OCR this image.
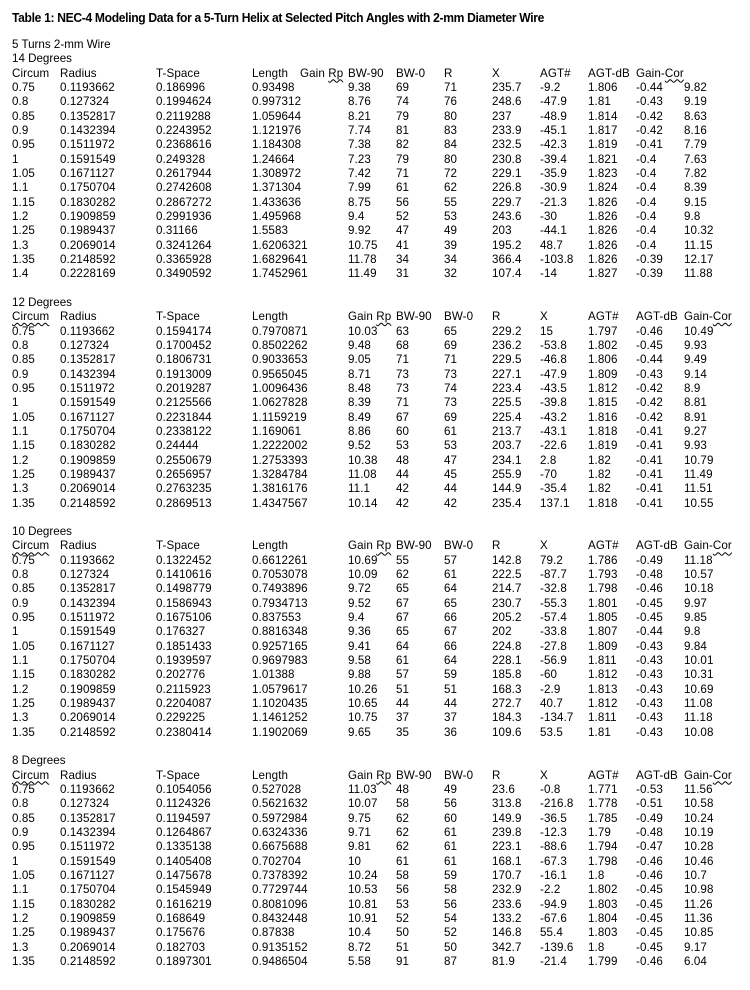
Table 1: NEC-4 Modeling Data for a 5-Turn Helix at Selected Pitch Angles with 2-mm Diameter Wire
5 Turns 2-mm Wire
14 Degrees
Circum Radius	T-Space	Length Gain Rp BW-90 BW-0 R	X	AGT# AGT-dB Gain-Cor
0.75 0.1193662	0.186996	0.93498	9.38 69	71	235.7 -9.2 1.806 -0.44 9.82
0.8	0.127324	0.1994624	0.997312	8.76 74	76	248.6 -47.9 1.81 -0.43 9.19
0.85 0.1352817	0.2119288	1.059644	8.21 79	80	237 -48.9 1.814 -0.42 8.63
0.9	0.1432394	0.2243952	1.121976	7.74 81	83	233.9 -45.1 1.817 -0.42 8.16
0.95 0.1511972	0.2368616	1.184308	7.38 82	84	232.5 -42.3 1.819 -0.41 7.79
1	0.1591549	0.249328	1.24664	7.23 79	80	230.8 -39.4 1.821 -0.4 7.63
1.05 0.1671127	0.2617944	1.308972	7.42 71	72	229.1 -35.9 1.823 -0.4 7.82
1.1	0.1750704	0.2742608	1.371304	7.99 61	62	226.8 -30.9 1.824 -0.4 8.39
1.15 0.1830282	0.2867272	1.433636	8.75 56	55	229.7 -21.3 1.826 -0.4 9.15
1.2	0.1909859	0.2991936	1.495968	9.4	52	53	243.6 -30	1.826 -0.4 9.8
1.25 0.1989437	0.31166	1.5583	9.92 47	49	203 -44.1 1.826 -0.4 10.32
1.3	0.2069014	0.3241264	1.6206321	10.75 41	39	195.2 48.7 1.826 -0.4 11.15
1.35 0.2148592	0.3365928	1.6829641	11.78 34	34	366.4 -103.8 1.826 -0.39 12.17
1.4	0.2228169	0.3490592	1.7452961	11.49 31	32	107.4 -14	1.827 -0.39 11.88
12 Degrees
Circum Radius	T-Space	Length	Gain Rp BW-90 BW-0 R	X	AGT# AGT-dB Gain-Cor
0.75 0.1193662	0.1594174	0.7970871	10.03 63	65	229.2 15	1.797 -0.46 10.49
0.8	0.127324	0.1700452	0.8502262	9.48 68	69	236.2 -53.8 1.802 -0.45 9.93
0.85 0.1352817	0.1806731	0.9033653	9.05 71	71	229.5 -46.8 1.806 -0.44 9.49
0.9	0.1432394	0.1913009	0.9565045	8.71 73	73	227.1 -47.9 1.809 -0.43 9.14
0.95 0.1511972	0.2019287	1.0096436	8.48 73	74	223.4 -43.5 1.812 -0.42 8.9
1	0.1591549	0.2125566	1.0627828	8.39 71	73	225.5 -39.8 1.815 -0.42 8.81
1.05 0.1671127	0.2231844	1.1159219	8.49 67	69	225.4 -43.2 1.816 -0.42 8.91
1.1	0.1750704	0.2338122	1.169061	8.86 60	61	213.7 -43.1 1.818 -0.41 9.27
1.15 0.1830282	0.24444	1.2222002	9.52 53	53	203.7 -22.6 1.819 -0.41 9.93
1.2	0.1909859	0.2550679	1.2753393	10.38 48	47	234.1 2.8	1.82 -0.41 10.79
1.25 0.1989437	0.2656957	1.3284784	11.08 44	45	255.9 -70	1.82 -0.41 11.49
1.3	0.2069014	0.2763235	1.3816176	11.1 42	44	144.9 -35.4 1.82 -0.41 11.51
1.35 0.2148592	0.2869513	1.4347567	10.14 42	42	235.4 137.1 1.818 -0.41 10.55
10 Degrees
Circum Radius	T-Space	Length	Gain Rp BW-90 BW-0 R	X	AGT# AGT-dB Gain-Cor
0.75 0.1193662	0.1322452	0.6612261	10.69 55	57	142.8 79.2 1.786 -0.49 11.18
0.8	0.127324	0.1410616	0.7053078	10.09 62	61	222.5 -87.7 1.793 -0.48 10.57
0.85 0.1352817	0.1498779	0.7493896	9.72 65	64	214.7 -32.8 1.798 -0.46 10.18
0.9	0.1432394	0.1586943	0.7934713	9.52 67	65	230.7 -55.3 1.801 -0.45 9.97
0.95 0.1511972	0.1675106	0.837553	9.4	67	66	205.2 -57.4 1.805 -0.45 9.85
1	0.1591549	0.176327	0.8816348	9.36 65	67	202 -33.8 1.807 -0.44 9.8
1.05 0.1671127	0.1851433	0.9257165	9.41 64	66	224.8 -27.8 1.809 -0.43 9.84
1.1	0.1750704	0.1939597	0.9697983	9.58 61	64	228.1 -56.9 1.811 -0.43 10.01
1.15 0.1830282	0.202776	1.01388	9.88 57	59	185.8 -60	1.812 -0.43 10.31
1.2	0.1909859	0.2115923	1.0579617	10.26 51	51	168.3 -2.9 1.813 -0.43 10.69
1.25 0.1989437	0.2204087	1.1020435	10.65 44	44	272.7 40.7 1.812 -0.43 11.08
1.3	0.2069014	0.229225	1.1461252	10.75 37	37	184.3 -134.7 1.811 -0.43 11.18
1.35 0.2148592	0.2380414	1.1902069	9.65 35	36	109.6 53.5 1.81 -0.43 10.08
8 Degrees
Circum Radius	T-Space	Length	Gain Rp BW-90 BW-0 R	X	AGT# AGT-dB Gain-Cor
0.75 0.1193662	0.1054056	0.527028	11.03 48	49	23.6 -0.8 1.771 -0.53 11.56
0.8	0.127324	0.1124326	0.5621632	10.07 58	56	313.8 -216.8 1.778 -0.51 10.58
0.85 0.1352817	0.1194597	0.5972984	9.75 62	60	149.9 -36.5 1.785 -0.49 10.24
0.9	0.1432394	0.1264867	0.6324336	9.71 62	61	239.8 -12.3 1.79 -0.48 10.19
0.95 0.1511972	0.1335138	0.6675688	9.81 62	61	223.1 -88.6 1.794 -0.47 10.28
1	0.1591549	0.1405408	0.702704	10	61	61	168.1 -67.3 1.798 -0.46 10.46
1.05 0.1671127	0.1475678	0.7378392	10.24 58	59	170.7 -16.1 1.8	-0.46 10.7
1.1	0.1750704	0.1545949	0.7729744	10.53 56	58	232.9 -2.2 1.802 -0.45 10.98
1.15 0.1830282	0.1616219	0.8081096	10.81 53	56	233.6 -94.9 1.803 -0.45 11.26
1.2	0.1909859	0.168649	0.8432448	10.91 52	54	133.2 -67.6 1.804 -0.45 11.36
1.25 0.1989437	0.175676	0.87838	10.4 50	52	146.8 55.4 1.803 -0.45 10.85
1.3	0.2069014	0.182703	0.9135152	8.72 51	50	342.7 -139.6 1.8	-0.45 9.17
1.35 0.2148592	0.1897301	0.9486504	5.58 91	87	81.9 -21.4 1.799 -0.46 6.04
